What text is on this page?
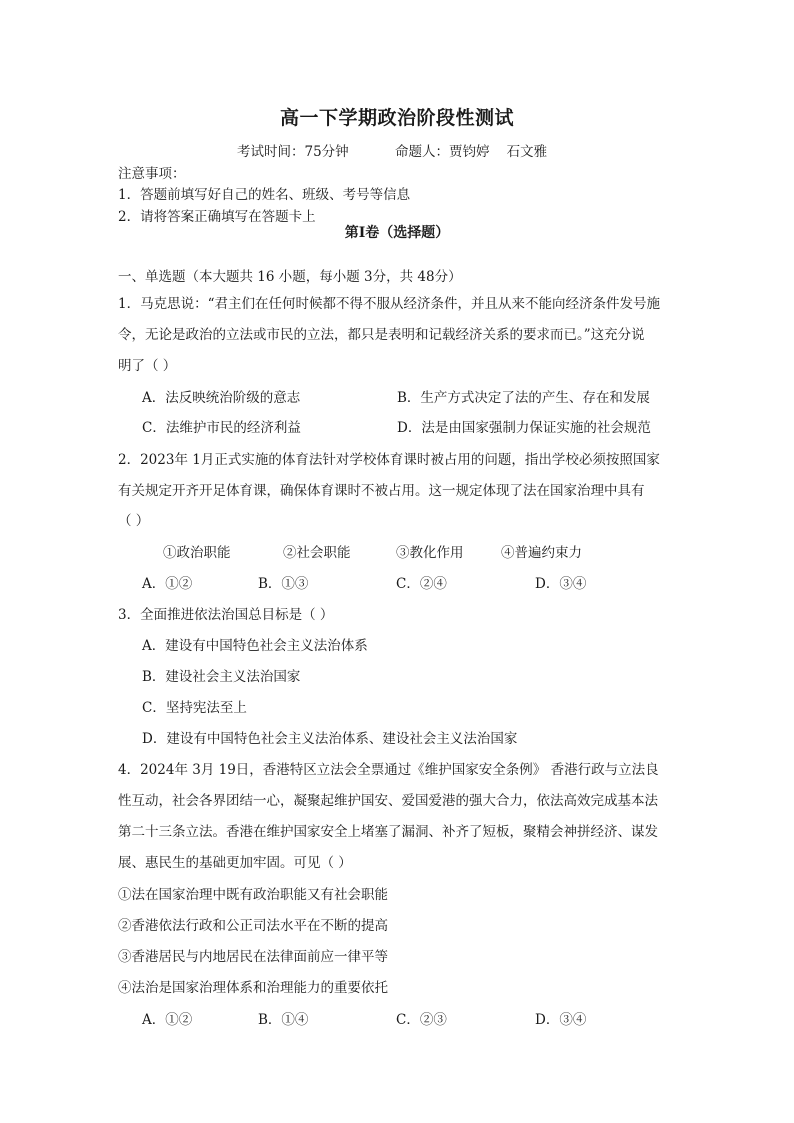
高一下学期政治阶段性测试
考试时间：75分钟	命题人：贾钧婷    石文雅
注意事项：
1．答题前填写好自己的姓名、班级、考号等信息
2．请将答案正确填写在答题卡上
第Ⅰ卷（选择题）
一、单选题（本大题共 16 小题，每小题 3分，共 48分）
1．马克思说：“君主们在任何时候都不得不服从经济条件，并且从来不能向经济条件发号施
令，无论是政治的立法或市民的立法，都只是表明和记载经济关系的要求而已。”这充分说
明了（ ）
A．法反映统治阶级的意志	B．生产方式决定了法的产生、存在和发展
C．法维护市民的经济利益	D．法是由国家强制力保证实施的社会规范
2．2023年 1月正式实施的体育法针对学校体育课时被占用的问题，指出学校必须按照国家
有关规定开齐开足体育课，确保体育课时不被占用。这一规定体现了法在国家治理中具有
（ ）
①政治职能	②社会职能	③教化作用	④普遍约束力
A．①②	B．①③	C．②④	D．③④
3．全面推进依法治国总目标是（ ）
A．建设有中国特色社会主义法治体系
B．建设社会主义法治国家
C．坚持宪法至上
D．建设有中国特色社会主义法治体系、建设社会主义法治国家
4．2024年 3月 19日，香港特区立法会全票通过《维护国家安全条例》 香港行政与立法良
性互动，社会各界团结一心，凝聚起维护国安、爱国爱港的强大合力，依法高效完成基本法
第二十三条立法。香港在维护国家安全上堵塞了漏洞、补齐了短板，聚精会神拼经济、谋发
展、惠民生的基础更加牢固。可见（ ）
①法在国家治理中既有政治职能又有社会职能
②香港依法行政和公正司法水平在不断的提高
③香港居民与内地居民在法律面前应一律平等
④法治是国家治理体系和治理能力的重要依托
A．①②	B．①④	C．②③	D．③④
